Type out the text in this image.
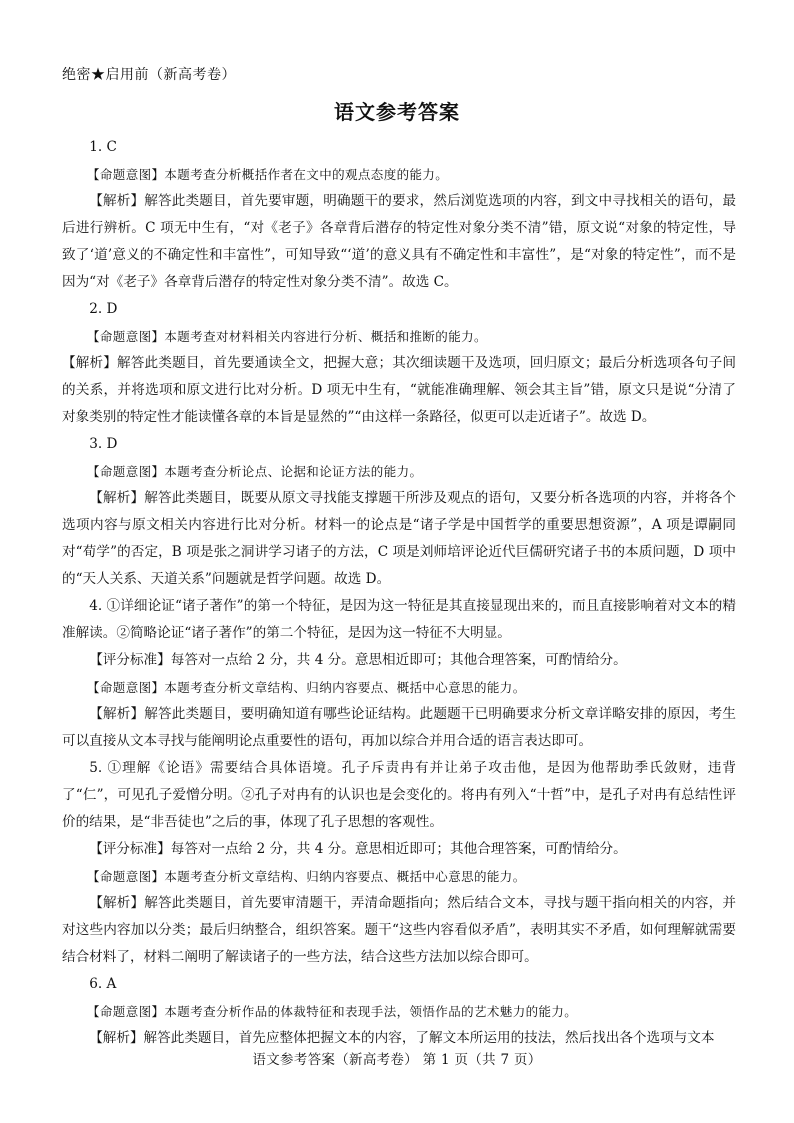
绝密★启用前（新高考卷）
语文参考答案

1. C

【命题意图】本题考查分析概括作者在文中的观点态度的能力。

【解析】解答此类题目，首先要审题，明确题干的要求，然后浏览选项的内容，到文中寻找相关的语句，最后进行辨析。C 项无中生有，“对《老子》各章背后潜存的特定性对象分类不清”错，原文说“对象的特定性，导致了‘道’意义的不确定性和丰富性”，可知导致“‘道’的意义具有不确定性和丰富性”，是“对象的特定性”，而不是因为“对《老子》各章背后潜存的特定性对象分类不清”。故选 C。

2. D

【命题意图】本题考查对材料相关内容进行分析、概括和推断的能力。

【解析】解答此类题目，首先要通读全文，把握大意；其次细读题干及选项，回归原文；最后分析选项各句子间的关系，并将选项和原文进行比对分析。D 项无中生有，“就能准确理解、领会其主旨”错，原文只是说“分清了对象类别的特定性才能读懂各章的本旨是显然的”“由这样一条路径，似更可以走近诸子”。故选 D。

3. D

【命题意图】本题考查分析论点、论据和论证方法的能力。

【解析】解答此类题目，既要从原文寻找能支撑题干所涉及观点的语句，又要分析各选项的内容，并将各个选项内容与原文相关内容进行比对分析。材料一的论点是“诸子学是中国哲学的重要思想资源”，A 项是谭嗣同对“荀学”的否定，B 项是张之洞讲学习诸子的方法，C 项是刘师培评论近代巨儒研究诸子书的本质问题，D 项中的“天人关系、天道关系”问题就是哲学问题。故选 D。

4. ①详细论证“诸子著作”的第一个特征，是因为这一特征是其直接显现出来的，而且直接影响着对文本的精准解读。②简略论证“诸子著作”的第二个特征，是因为这一特征不大明显。

【评分标准】每答对一点给 2 分，共 4 分。意思相近即可；其他合理答案，可酌情给分。

【命题意图】本题考查分析文章结构、归纳内容要点、概括中心意思的能力。

【解析】解答此类题目，要明确知道有哪些论证结构。此题题干已明确要求分析文章详略安排的原因，考生可以直接从文本寻找与能阐明论点重要性的语句，再加以综合并用合适的语言表达即可。

5. ①理解《论语》需要结合具体语境。孔子斥责冉有并让弟子攻击他，是因为他帮助季氏敛财，违背了“仁”，可见孔子爱憎分明。②孔子对冉有的认识也是会变化的。将冉有列入“十哲”中，是孔子对冉有总结性评价的结果，是“非吾徒也”之后的事，体现了孔子思想的客观性。

【评分标准】每答对一点给 2 分，共 4 分。意思相近即可；其他合理答案，可酌情给分。

【命题意图】本题考查分析文章结构、归纳内容要点、概括中心意思的能力。

【解析】解答此类题目，首先要审清题干，弄清命题指向；然后结合文本，寻找与题干指向相关的内容，并对这些内容加以分类；最后归纳整合，组织答案。题干“这些内容看似矛盾”，表明其实不矛盾，如何理解就需要结合材料了，材料二阐明了解读诸子的一些方法，结合这些方法加以综合即可。

6. A

【命题意图】本题考查分析作品的体裁特征和表现手法，领悟作品的艺术魅力的能力。

【解析】解答此类题目，首先应整体把握文本的内容，了解文本所运用的技法，然后找出各个选项与文本

语文参考答案（新高考卷） 第 1 页（共 7 页）
